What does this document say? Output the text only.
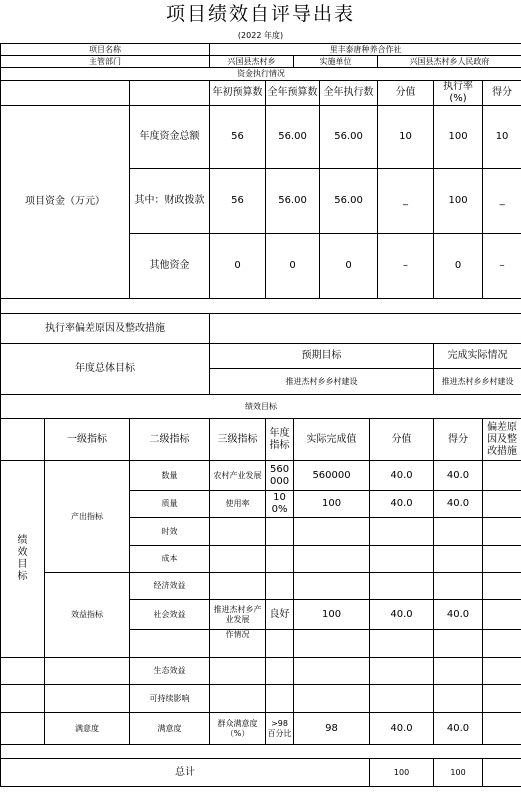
项目绩效自评导出表
(2022 年度)
项目名称			里丰泰唐种养合作社							
主管部门			兴国县杰村乡		实施单位			兴国县杰村乡人民政府		
资金执行情况										
			年初预算数	全年预算数		全年执行数		分值	执行率(%)	得分
项目资金（万元）		年度资金总额	56	56.00		56.00		10	100	10
		其中：财政拨款	56	56.00		56.00		_	100	_
		其他资金	0	0		0		–	0	–

执行率偏差原因及整改措施										
年度总体目标			预期目标						完成实际情况	
			推进杰村乡乡村建设						推进杰村乡乡村建设	
绩效目标										
	一级指标	二级指标	三级指标	年度指标	实际完成值		分值		得分	偏差原因及整改措施
绩效目标	产出指标	数量	农村产业发展	560000	560000		40.0		40.0	
		质量	使用率	100%	100		40.0		40.0	
		时效								
		成本								
	效益指标	经济效益								
		社会效益	推进杰村乡产业发展	良好	100		40.0		40.0	
			作情况							
		生态效益								
		可持续影响								
	满意度	满意度	群众满意度（%）	>98 百分比	98		40.0		40.0	

总计							100		100	
